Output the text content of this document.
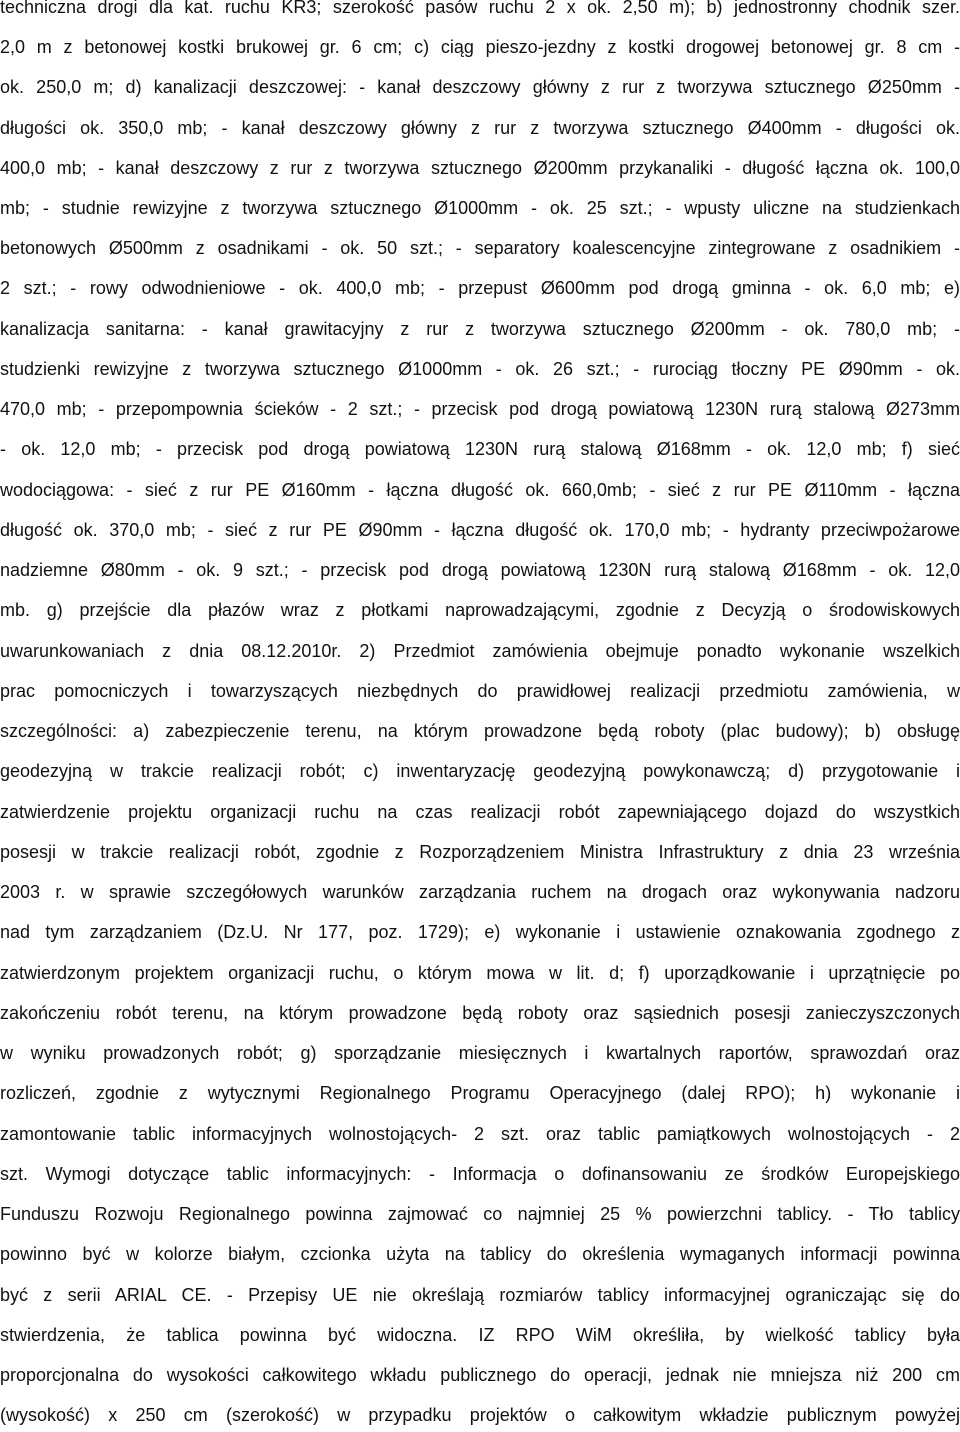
techniczna drogi dla kat. ruchu KR3; szerokość pasów ruchu 2 x ok. 2,50 m); b) jednostronny chodnik szer.
2,0 m z betonowej kostki brukowej gr. 6 cm; c) ciąg pieszo-jezdny z kostki drogowej betonowej gr. 8 cm -
ok. 250,0 m; d) kanalizacji deszczowej: - kanał deszczowy główny z rur z tworzywa sztucznego Ø250mm -
długości ok. 350,0 mb; - kanał deszczowy główny z rur z tworzywa sztucznego Ø400mm - długości ok.
400,0 mb; - kanał deszczowy z rur z tworzywa sztucznego Ø200mm przykanaliki - długość łączna ok. 100,0
mb; - studnie rewizyjne z tworzywa sztucznego Ø1000mm - ok. 25 szt.; - wpusty uliczne na studzienkach
betonowych Ø500mm z osadnikami - ok. 50 szt.; - separatory koalescencyjne zintegrowane z osadnikiem -
2 szt.; - rowy odwodnieniowe - ok. 400,0 mb; - przepust Ø600mm pod drogą gminna - ok. 6,0 mb; e)
kanalizacja sanitarna: - kanał grawitacyjny z rur z tworzywa sztucznego Ø200mm - ok. 780,0 mb; -
studzienki rewizyjne z tworzywa sztucznego Ø1000mm - ok. 26 szt.; - rurociąg tłoczny PE Ø90mm - ok.
470,0 mb; - przepompownia ścieków - 2 szt.; - przecisk pod drogą powiatową 1230N rurą stalową Ø273mm
- ok. 12,0 mb; - przecisk pod drogą powiatową 1230N rurą stalową Ø168mm - ok. 12,0 mb; f) sieć
wodociągowa: - sieć z rur PE Ø160mm - łączna długość ok. 660,0mb; - sieć z rur PE Ø110mm - łączna
długość ok. 370,0 mb; - sieć z rur PE Ø90mm - łączna długość ok. 170,0 mb; - hydranty przeciwpożarowe
nadziemne Ø80mm - ok. 9 szt.; - przecisk pod drogą powiatową 1230N rurą stalową Ø168mm - ok. 12,0
mb. g) przejście dla płazów wraz z płotkami naprowadzającymi, zgodnie z Decyzją o środowiskowych
uwarunkowaniach z dnia 08.12.2010r. 2) Przedmiot zamówienia obejmuje ponadto wykonanie wszelkich
prac pomocniczych i towarzyszących niezbędnych do prawidłowej realizacji przedmiotu zamówienia, w
szczególności: a) zabezpieczenie terenu, na którym prowadzone będą roboty (plac budowy); b) obsługę
geodezyjną w trakcie realizacji robót; c) inwentaryzację geodezyjną powykonawczą; d) przygotowanie i
zatwierdzenie projektu organizacji ruchu na czas realizacji robót zapewniającego dojazd do wszystkich
posesji w trakcie realizacji robót, zgodnie z Rozporządzeniem Ministra Infrastruktury z dnia 23 września
2003 r. w sprawie szczegółowych warunków zarządzania ruchem na drogach oraz wykonywania nadzoru
nad tym zarządzaniem (Dz.U. Nr 177, poz. 1729); e) wykonanie i ustawienie oznakowania zgodnego z
zatwierdzonym projektem organizacji ruchu, o którym mowa w lit. d; f) uporządkowanie i uprzątnięcie po
zakończeniu robót terenu, na którym prowadzone będą roboty oraz sąsiednich posesji zanieczyszczonych
w wyniku prowadzonych robót; g) sporządzanie miesięcznych i kwartalnych raportów, sprawozdań oraz
rozliczeń, zgodnie z wytycznymi Regionalnego Programu Operacyjnego (dalej RPO); h) wykonanie i
zamontowanie tablic informacyjnych wolnostojących- 2 szt. oraz tablic pamiątkowych wolnostojących - 2
szt. Wymogi dotyczące tablic informacyjnych: - Informacja o dofinansowaniu ze środków Europejskiego
Funduszu Rozwoju Regionalnego powinna zajmować co najmniej 25 % powierzchni tablicy. - Tło tablicy
powinno być w kolorze białym, czcionka użyta na tablicy do określenia wymaganych informacji powinna
być z serii ARIAL CE. - Przepisy UE nie określają rozmiarów tablicy informacyjnej ograniczając się do
stwierdzenia, że tablica powinna być widoczna. IZ RPO WiM określiła, by wielkość tablicy była
proporcjonalna do wysokości całkowitego wkładu publicznego do operacji, jednak nie mniejsza niż 200 cm
(wysokość) x 250 cm (szerokość) w przypadku projektów o całkowitym wkładzie publicznym powyżej
